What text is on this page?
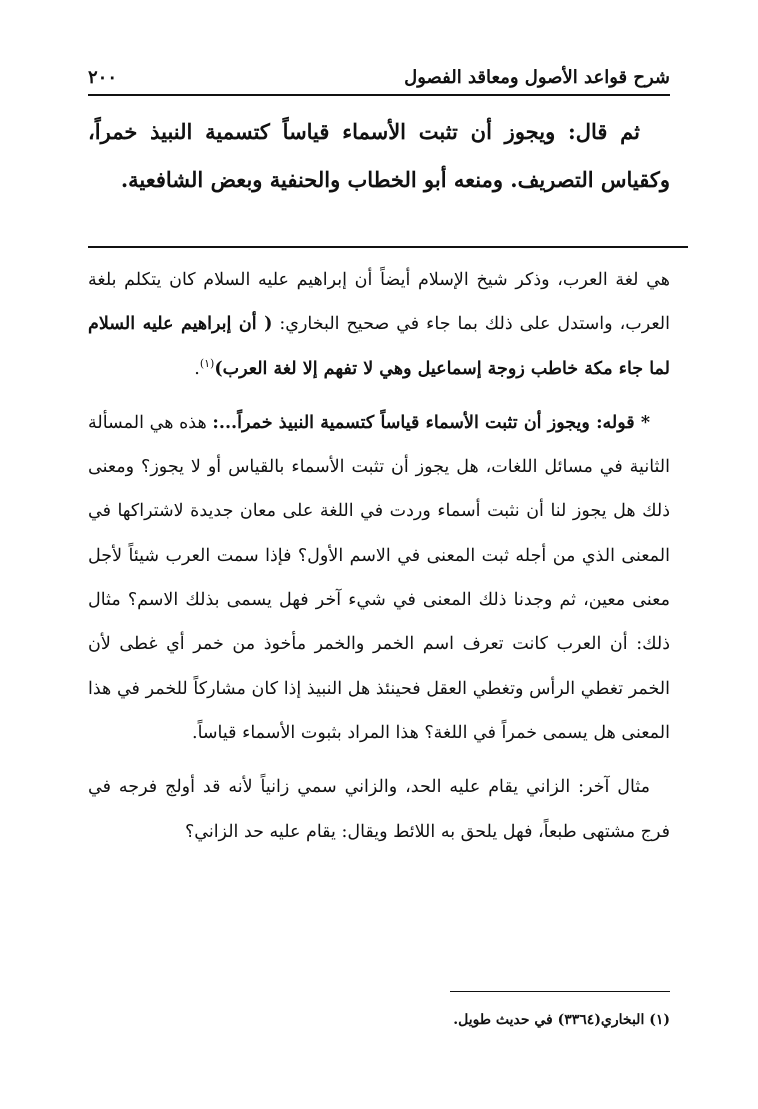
شرح قواعد الأصول ومعاقد الفصول
٢٠٠

ثم قال: ويجوز أن تثبت الأسماء قياساً كتسمية النبيذ خمراً، وكقياس التصريف. ومنعه أبو الخطاب والحنفية وبعض الشافعية.

هي لغة العرب، وذكر شيخ الإسلام أيضاً أن إبراهيم عليه السلام كان يتكلم بلغة العرب، واستدل على ذلك بما جاء في صحيح البخاري: ( أن إبراهيم عليه السلام لما جاء مكة خاطب زوجة إسماعيل وهي لا تفهم إلا لغة العرب)$^{(١)}$.

* قوله: ويجوز أن تثبت الأسماء قياساً كتسمية النبيذ خمراً...: هذه هي المسألة الثانية في مسائل اللغات، هل يجوز أن تثبت الأسماء بالقياس أو لا يجوز؟ ومعنى ذلك هل يجوز لنا أن نثبت أسماء وردت في اللغة على معان جديدة لاشتراكها في المعنى الذي من أجله ثبت المعنى في الاسم الأول؟ فإذا سمت العرب شيئاً لأجل معنى معين، ثم وجدنا ذلك المعنى في شيء آخر فهل يسمى بذلك الاسم؟ مثال ذلك: أن العرب كانت تعرف اسم الخمر والخمر مأخوذ من خمر أي غطى لأن الخمر تغطي الرأس وتغطي العقل فحينئذ هل النبيذ إذا كان مشاركاً للخمر في هذا المعنى هل يسمى خمراً في اللغة؟ هذا المراد بثبوت الأسماء قياساً.

مثال آخر: الزاني يقام عليه الحد، والزاني سمي زانياً لأنه قد أولج فرجه في فرج مشتهى طبعاً، فهل يلحق به اللائط ويقال: يقام عليه حد الزاني؟

(١) البخاري(٣٣٦٤) في حديث طويل.
